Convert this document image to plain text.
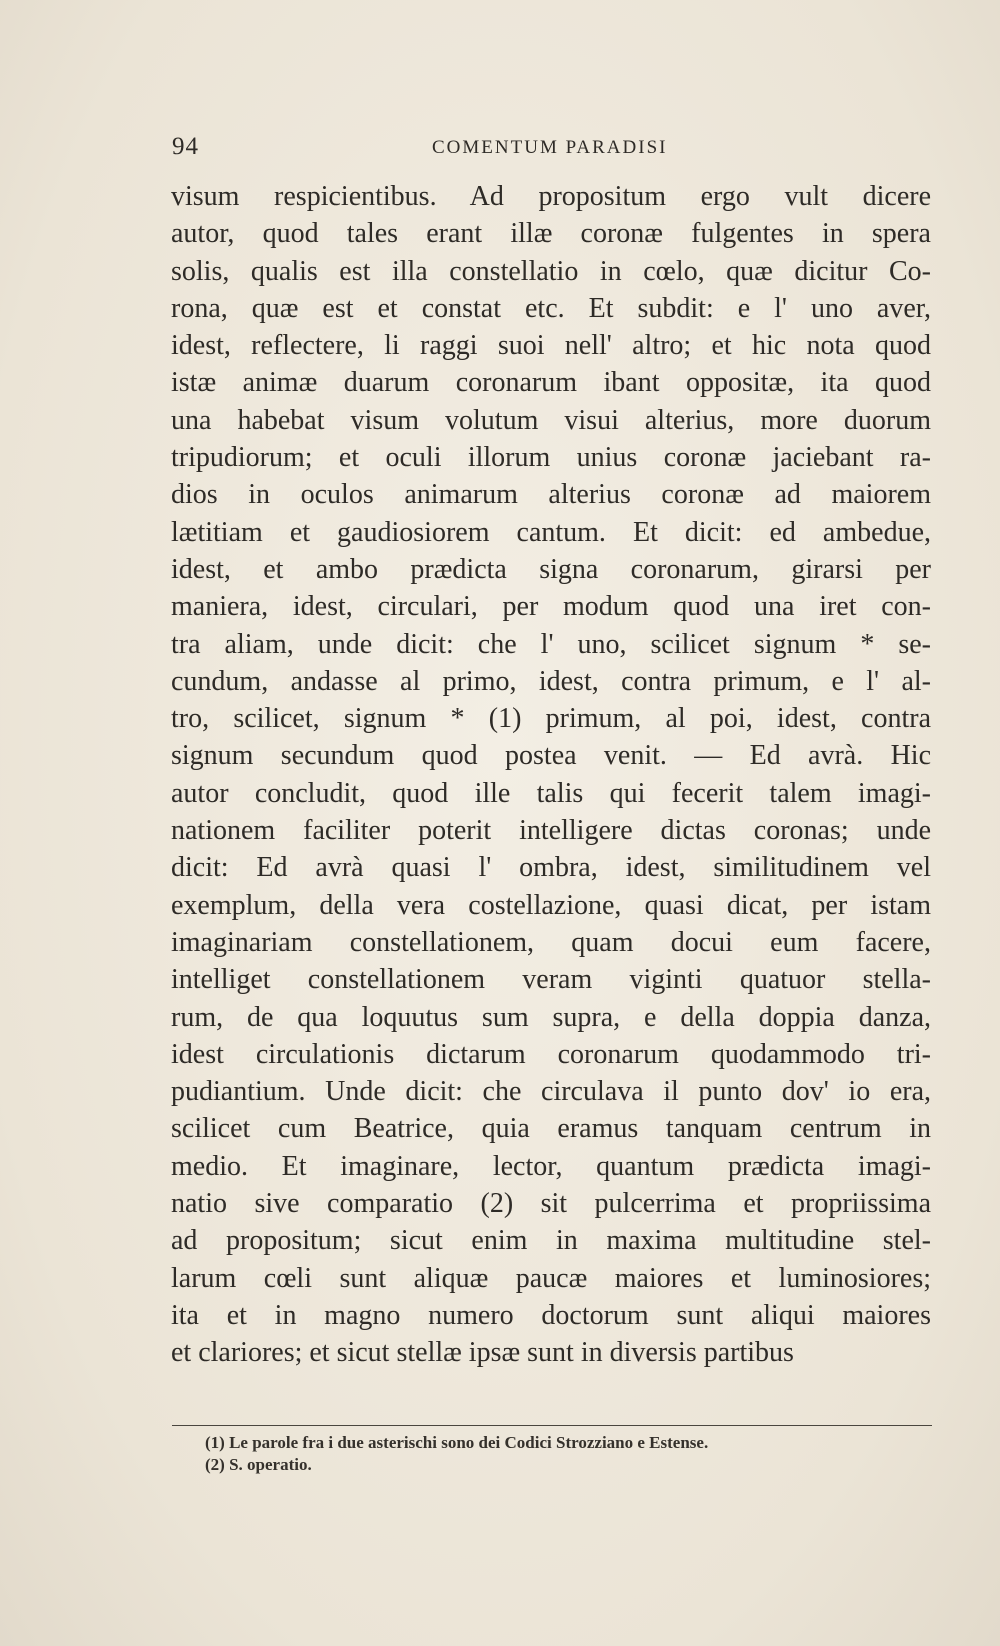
94	COMENTUM PARADISI
visum respicientibus. Ad propositum ergo vult dicere
autor, quod tales erant illæ coronæ fulgentes in spera
solis, qualis est illa constellatio in cœlo, quæ dicitur Co-
rona, quæ est et constat etc. Et subdit: e l' uno aver,
idest, reflectere, li raggi suoi nell' altro; et hic nota quod
istæ animæ duarum coronarum ibant oppositæ, ita quod
una habebat visum volutum visui alterius, more duorum
tripudiorum; et oculi illorum unius coronæ jaciebant ra-
dios in oculos animarum alterius coronæ ad maiorem
lætitiam et gaudiosiorem cantum. Et dicit: ed ambedue,
idest, et ambo prædicta signa coronarum, girarsi per
maniera, idest, circulari, per modum quod una iret con-
tra aliam, unde dicit: che l' uno, scilicet signum * se-
cundum, andasse al primo, idest, contra primum, e l' al-
tro, scilicet, signum * (1) primum, al poi, idest, contra
signum secundum quod postea venit. — Ed avrà. Hic
autor concludit, quod ille talis qui fecerit talem imagi-
nationem faciliter poterit intelligere dictas coronas; unde
dicit: Ed avrà quasi l' ombra, idest, similitudinem vel
exemplum, della vera costellazione, quasi dicat, per istam
imaginariam constellationem, quam docui eum facere,
intelliget constellationem veram viginti quatuor stella-
rum, de qua loquutus sum supra, e della doppia danza,
idest circulationis dictarum coronarum quodammodo tri-
pudiantium. Unde dicit: che circulava il punto dov' io era,
scilicet cum Beatrice, quia eramus tanquam centrum in
medio. Et imaginare, lector, quantum prædicta imagi-
natio sive comparatio (2) sit pulcerrima et propriissima
ad propositum; sicut enim in maxima multitudine stel-
larum cœli sunt aliquæ paucæ maiores et luminosiores;
ita et in magno numero doctorum sunt aliqui maiores
et clariores; et sicut stellæ ipsæ sunt in diversis partibus
(1) Le parole fra i due asterischi sono dei Codici Strozziano e Estense.
(2) S. operatio.
